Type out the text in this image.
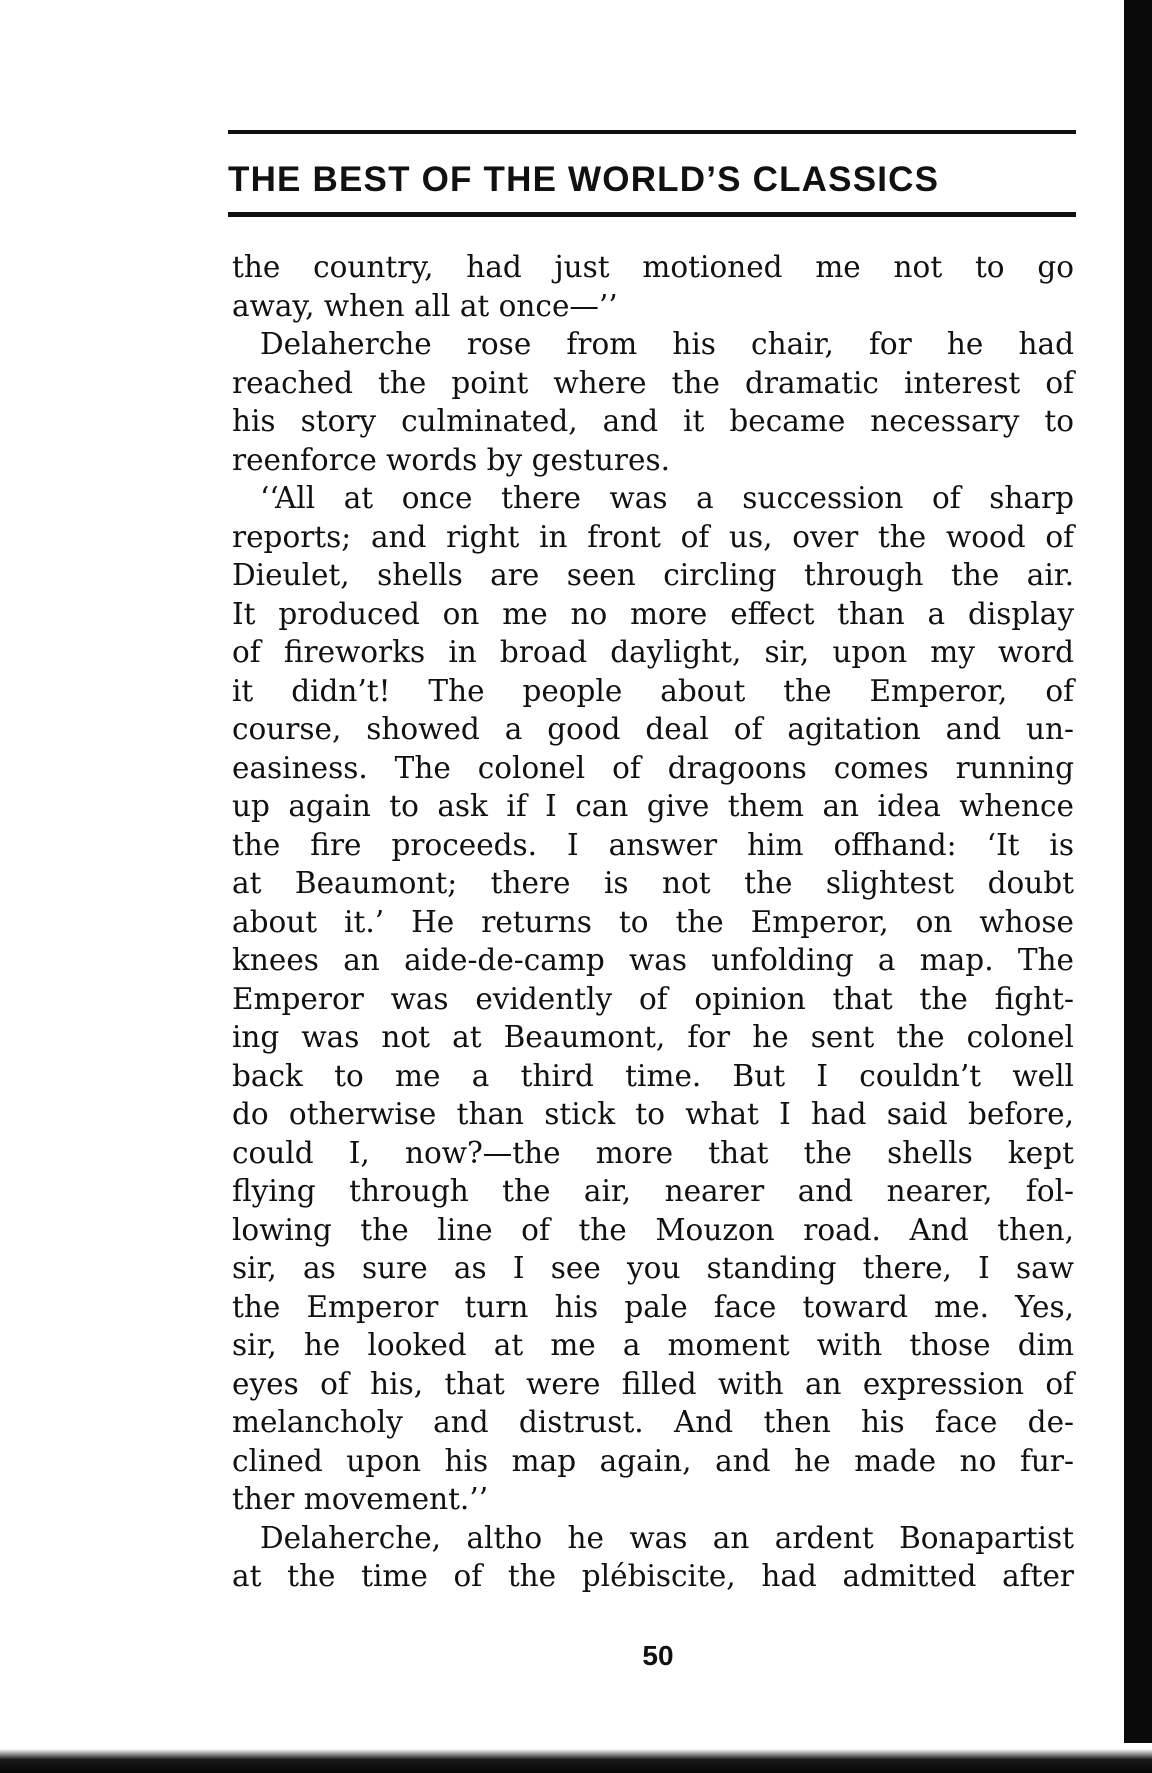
THE BEST OF THE WORLD’S CLASSICS
the country, had just motioned me not to go
away, when all at once—’’
Delaherche rose from his chair, for he had
reached the point where the dramatic interest of
his story culminated, and it became necessary to
reenforce words by gestures.
‘‘All at once there was a succession of sharp
reports; and right in front of us, over the wood of
Dieulet, shells are seen circling through the air.
It produced on me no more effect than a display
of fireworks in broad daylight, sir, upon my word
it didn’t! The people about the Emperor, of
course, showed a good deal of agitation and un-
easiness. The colonel of dragoons comes running
up again to ask if I can give them an idea whence
the fire proceeds. I answer him offhand: ‘It is
at Beaumont; there is not the slightest doubt
about it.’ He returns to the Emperor, on whose
knees an aide-de-camp was unfolding a map. The
Emperor was evidently of opinion that the fight-
ing was not at Beaumont, for he sent the colonel
back to me a third time. But I couldn’t well
do otherwise than stick to what I had said before,
could I, now?—the more that the shells kept
flying through the air, nearer and nearer, fol-
lowing the line of the Mouzon road. And then,
sir, as sure as I see you standing there, I saw
the Emperor turn his pale face toward me. Yes,
sir, he looked at me a moment with those dim
eyes of his, that were filled with an expression of
melancholy and distrust. And then his face de-
clined upon his map again, and he made no fur-
ther movement.’’
Delaherche, altho he was an ardent Bonapartist
at the time of the plébiscite, had admitted after
50
